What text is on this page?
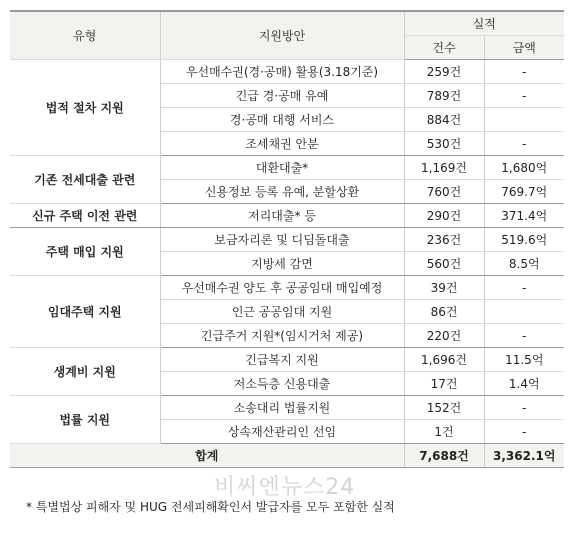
유형	지원방안	실적	
		건수	금액
법적 절차 지원	우선매수권(경·공매) 활용(3.18기준)	259건	-
	긴급 경·공매 유예	789건	-
	경·공매 대행 서비스	884건	
	조세채권 안분	530건	-
기존 전세대출 관련	대환대출*	1,169건	1,680억
	신용정보 등록 유예, 분할상환	760건	769.7억
신규 주택 이전 관련	저리대출* 등	290건	371.4억
주택 매입 지원	보금자리론 및 디딤돌대출	236건	519.6억
	지방세 감면	560건	8.5억
임대주택 지원	우선매수권 양도 후 공공임대 매입예정	39건	-
	인근 공공임대 지원	86건	
	긴급주거 지원*(임시거처 제공)	220건	-
생계비 지원	긴급복지 지원	1,696건	11.5억
	저소득층 신용대출	17건	1.4억
법률 지원	소송대리 법률지원	152건	-
	상속재산관리인 선임	1건	-
합계		7,688건	3,362.1억
비씨엔뉴스24
* 특별법상 피해자 및 HUG 전세피해확인서 발급자를 모두 포함한 실적
